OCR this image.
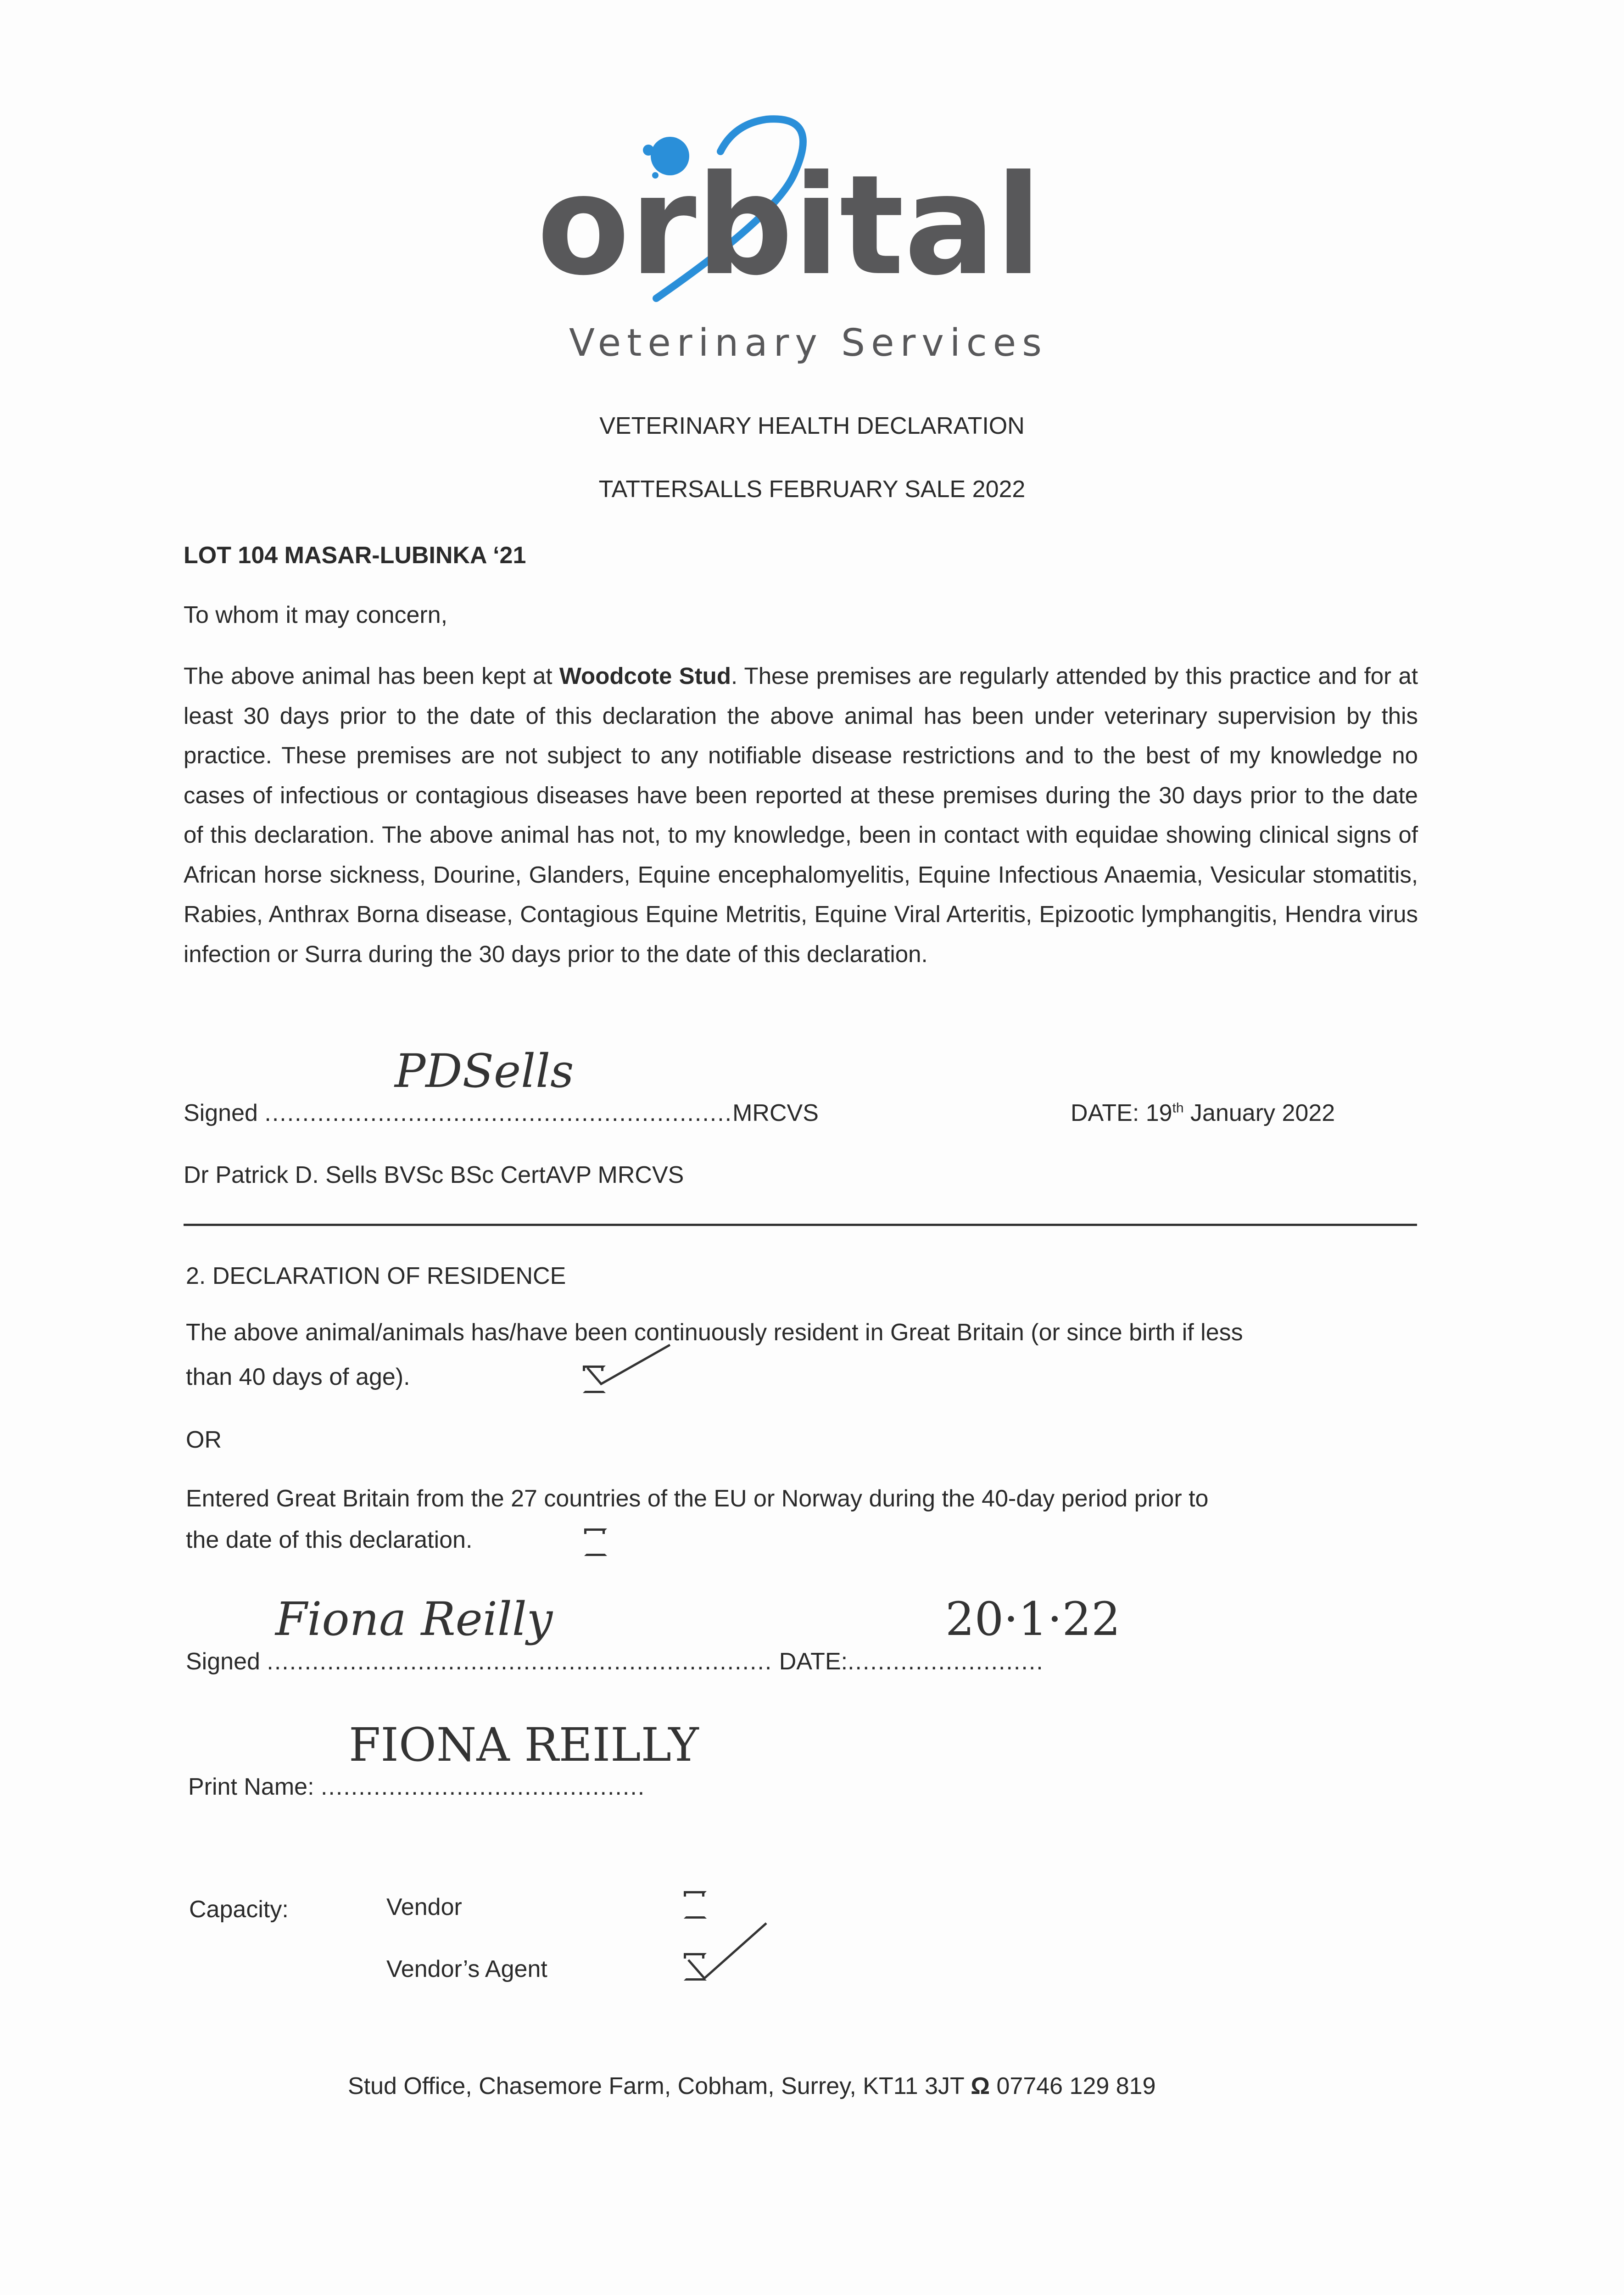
orbital
Veterinary Services
VETERINARY HEALTH DECLARATION
TATTERSALLS FEBRUARY SALE 2022
LOT 104 MASAR-LUBINKA ‘21
To whom it may concern,
The above animal has been kept at Woodcote Stud. These premises are regularly attended by this practice and for at least 30 days prior to the date of this declaration the above animal has been under veterinary supervision by this practice. These premises are not subject to any notifiable disease restrictions and to the best of my knowledge no cases of infectious or contagious diseases have been reported at these premises during the 30 days prior to the date of this declaration. The above animal has not, to my knowledge, been in contact with equidae showing clinical signs of African horse sickness, Dourine, Glanders, Equine encephalomyelitis, Equine Infectious Anaemia, Vesicular stomatitis, Rabies, Anthrax Borna disease, Contagious Equine Metritis, Equine Viral Arteritis, Epizootic lymphangitis, Hendra virus infection or Surra during the 30 days prior to the date of this declaration.
PDSells
Signed ..............................................................MRCVS	DATE: 19th January 2022
Dr Patrick D. Sells BVSc BSc CertAVP MRCVS
2. DECLARATION OF RESIDENCE
The above animal/animals has/have been continuously resident in Great Britain (or since birth if less
than 40 days of age).
OR
Entered Great Britain from the 27 countries of the EU or Norway during the 40-day period prior to
the date of this declaration.
Fiona Reilly	20·1·22
Signed ................................................................... DATE:..........................
FIONA REILLY
Print Name: ...........................................
Capacity:	Vendor
Vendor’s Agent
Stud Office, Chasemore Farm, Cobham, Surrey, KT11 3JT Ω 07746 129 819
